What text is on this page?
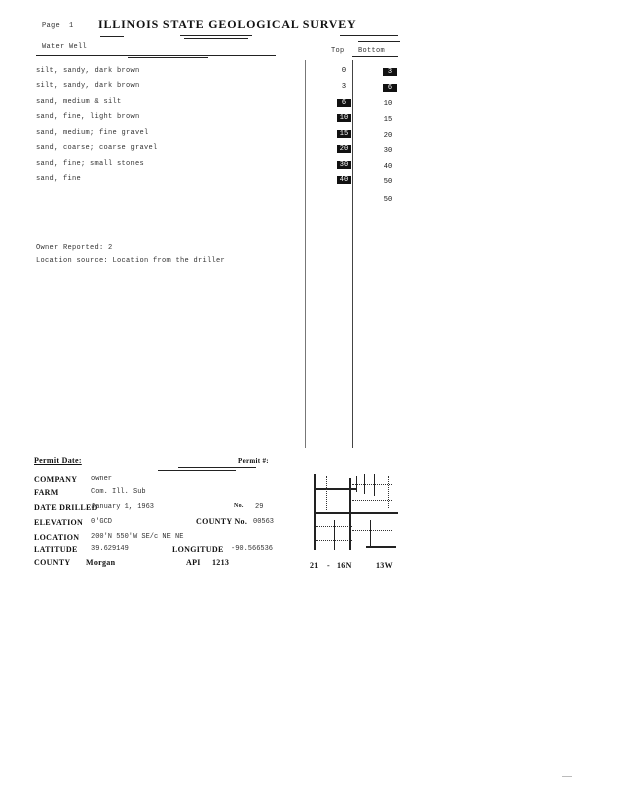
Page 1 ILLINOIS STATE GEOLOGICAL SURVEY
Water Well	Top Bottom
silt, sandy, dark brown	0	3
silt, sandy, dark brown	3	6
sand, medium & silt	6	10
sand, fine, light brown	10	15
sand, medium; fine gravel	15	20
sand, coarse; coarse gravel	20	30
sand, fine; small stones	30	40
sand, fine	40	50
50
Owner Reported: 2
Location source: Location from the driller
Permit Date:	Permit #:
COMPANY owner
FARM	Com. Ill. Sub
DATE DRILLED
January 1, 1963	No. 29
ELEVATION 0'GCD	COUNTY No. 00563
LOCATION 200'N 550'W SE/c NE NE
LATITUDE 39.629149	LONGITUDE -90.566536
COUNTY Morgan	API 1213	21 - 16N	13W
